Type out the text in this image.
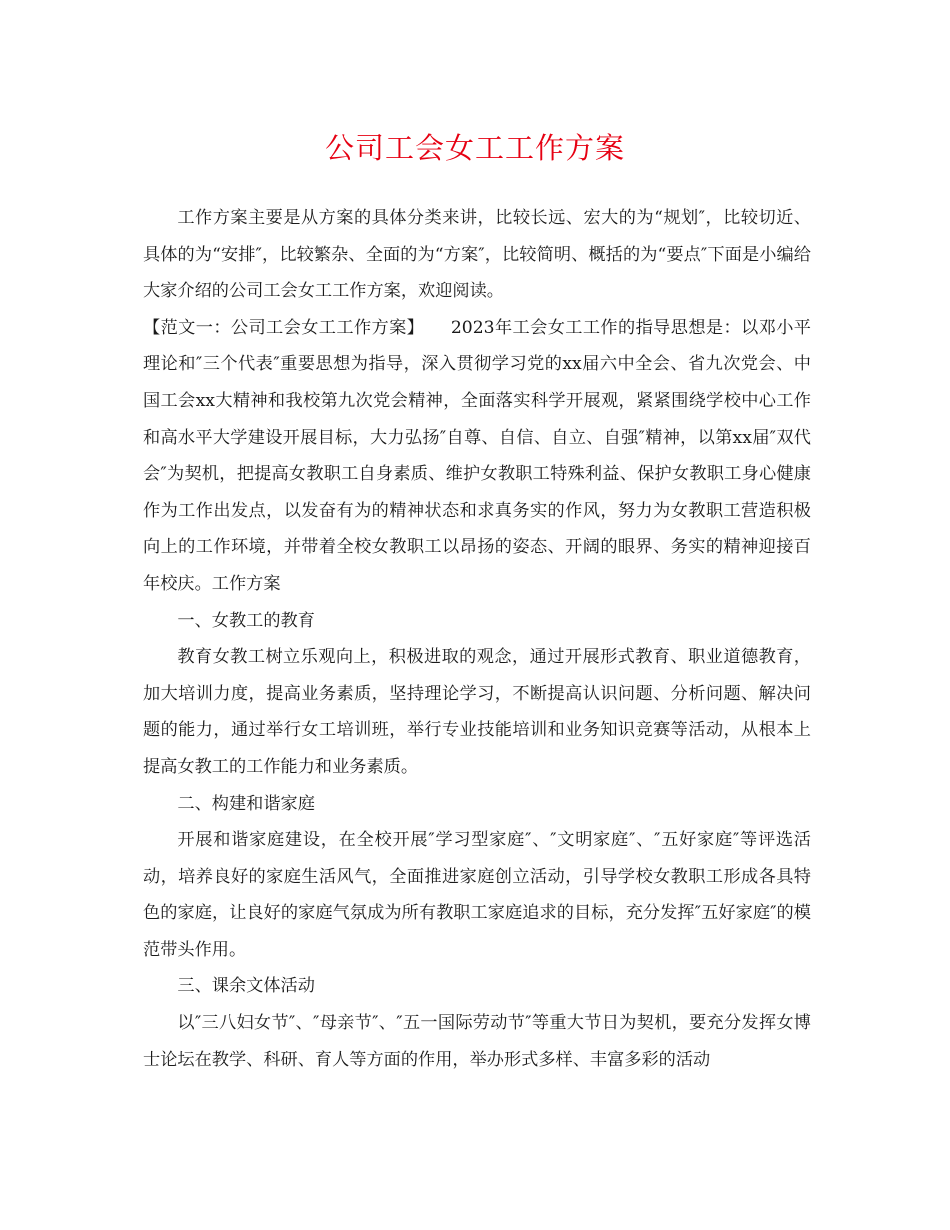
公司工会女工工作方案

工作方案主要是从方案的具体分类来讲，比较长远、宏大的为“规划″，比较切近、具体的为“安排″，比较繁杂、全面的为“方案″，比较简明、概括的为“要点″下面是小编给大家介绍的公司工会女工工作方案，欢迎阅读。

【范文一：公司工会女工工作方案】　　2023年工会女工工作的指导思想是：以邓小平理论和″三个代表″重要思想为指导，深入贯彻学习党的xx届六中全会、省九次党会、中国工会xx大精神和我校第九次党会精神，全面落实科学开展观，紧紧围绕学校中心工作和高水平大学建设开展目标，大力弘扬″自尊、自信、自立、自强″精神，以第xx届″双代会″为契机，把提高女教职工自身素质、维护女教职工特殊利益、保护女教职工身心健康作为工作出发点，以发奋有为的精神状态和求真务实的作风，努力为女教职工营造积极向上的工作环境，并带着全校女教职工以昂扬的姿态、开阔的眼界、务实的精神迎接百年校庆。工作方案

一、女教工的教育

教育女教工树立乐观向上，积极进取的观念，通过开展形式教育、职业道德教育，加大培训力度，提高业务素质，坚持理论学习，不断提高认识问题、分析问题、解决问题的能力，通过举行女工培训班，举行专业技能培训和业务知识竞赛等活动，从根本上提高女教工的工作能力和业务素质。

二、构建和谐家庭

开展和谐家庭建设，在全校开展″学习型家庭″、″文明家庭″、″五好家庭″等评选活动，培养良好的家庭生活风气，全面推进家庭创立活动，引导学校女教职工形成各具特色的家庭，让良好的家庭气氛成为所有教职工家庭追求的目标，充分发挥″五好家庭″的模范带头作用。

三、课余文体活动

以″三八妇女节″、″母亲节″、″五一国际劳动节″等重大节日为契机，要充分发挥女博士论坛在教学、科研、育人等方面的作用，举办形式多样、丰富多彩的活动
